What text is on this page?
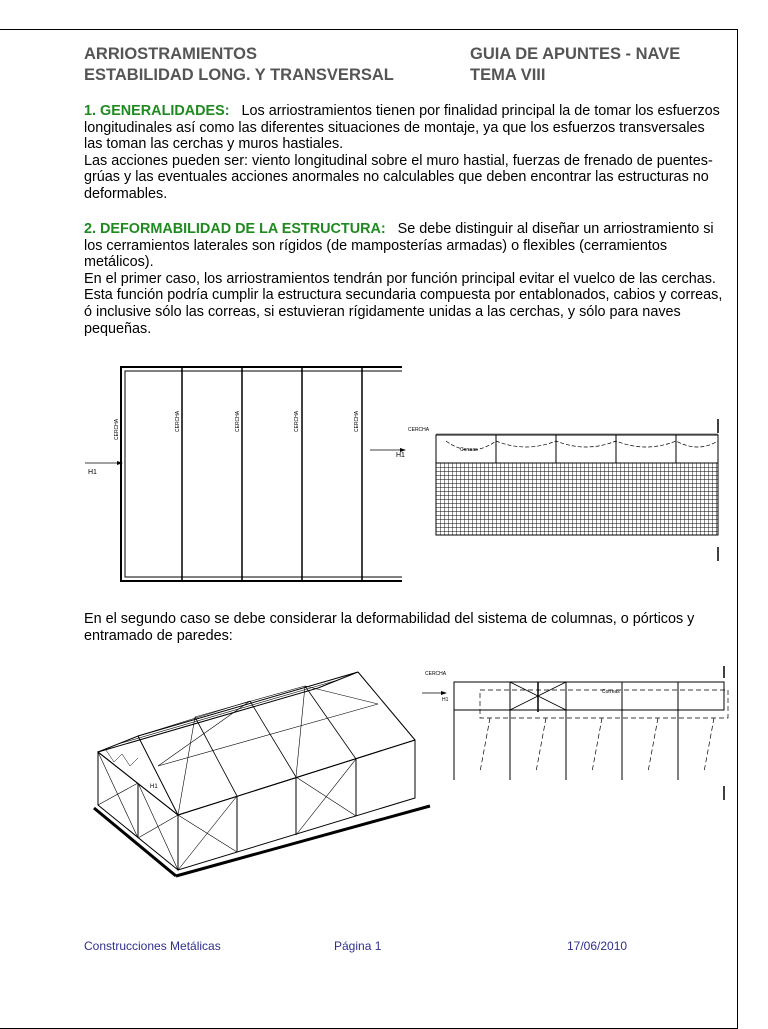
ARRIOSTRAMIENTOS
ESTABILIDAD LONG. Y TRANSVERSAL
GUIA DE APUNTES - NAVE
TEMA VIII

1. GENERALIDADES: Los arriostramientos tienen por finalidad principal la de tomar los esfuerzos longitudinales así como las diferentes situaciones de montaje, ya que los esfuerzos transversales las toman las cerchas y muros hastiales.

Las acciones pueden ser: viento longitudinal sobre el muro hastial, fuerzas de frenado de puentes-grúas y las eventuales acciones anormales no calculables que deben encontrar las estructuras no deformables.

2. DEFORMABILIDAD DE LA ESTRUCTURA: Se debe distinguir al diseñar un arriostramiento si los cerramientos laterales son rígidos (de mamposterías armadas) o flexibles (cerramientos metálicos).

En el primer caso, los arriostramientos tendrán por función principal evitar el vuelco de las cerchas. Esta función podría cumplir la estructura secundaria compuesta por entablonados, cabios y correas, ó inclusive sólo las correas, si estuvieran rígidamente unidas a las cerchas, y sólo para naves pequeñas.

CERCHA	CERCHA	CERCHA	CERCHA	CERCHA
H1
CERCHA
H1
Correas

En el segundo caso se debe considerar la deformabilidad del sistema de columnas, o pórticos y entramado de paredes:

H1
CERCHA
H1
Correas
Construcciones Metálicas	Página 1	17/06/2010
